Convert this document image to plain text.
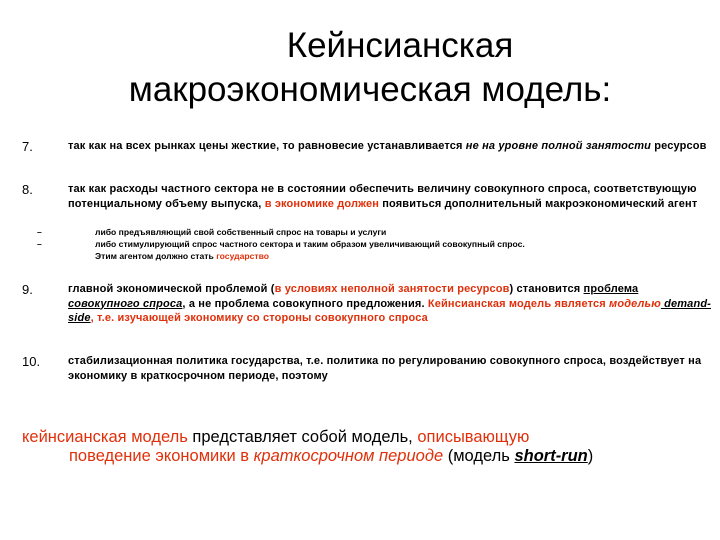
Кейнсианская
макроэкономическая модель:
7.	так как на всех рынках цены жесткие, то равновесие устанавливается не на уровне полной занятости ресурсов
8.	так как расходы частного сектора не в состоянии обеспечить величину совокупного спроса, соответствующую потенциальному объему выпуска, в экономике должен появиться дополнительный макроэкономический агент
–	либо предъявляющий свой собственный спрос на товары и услуги
–	либо стимулирующий спрос частного сектора и таким образом увеличивающий совокупный спрос.
Этим агентом должно стать государство
9.	главной экономической проблемой (в условиях неполной занятости ресурсов) становится проблема совокупного спроса, а не проблема совокупного предложения. Кейнсианская модель является моделью demand-side, т.е. изучающей экономику со стороны совокупного спроса
10.	стабилизационная политика государства, т.е. политика по регулированию совокупного спроса, воздействует на экономику в краткосрочном периоде, поэтому
кейнсианская модель представляет собой модель, описывающую
поведение экономики в краткосрочном периоде (модель short-run)
